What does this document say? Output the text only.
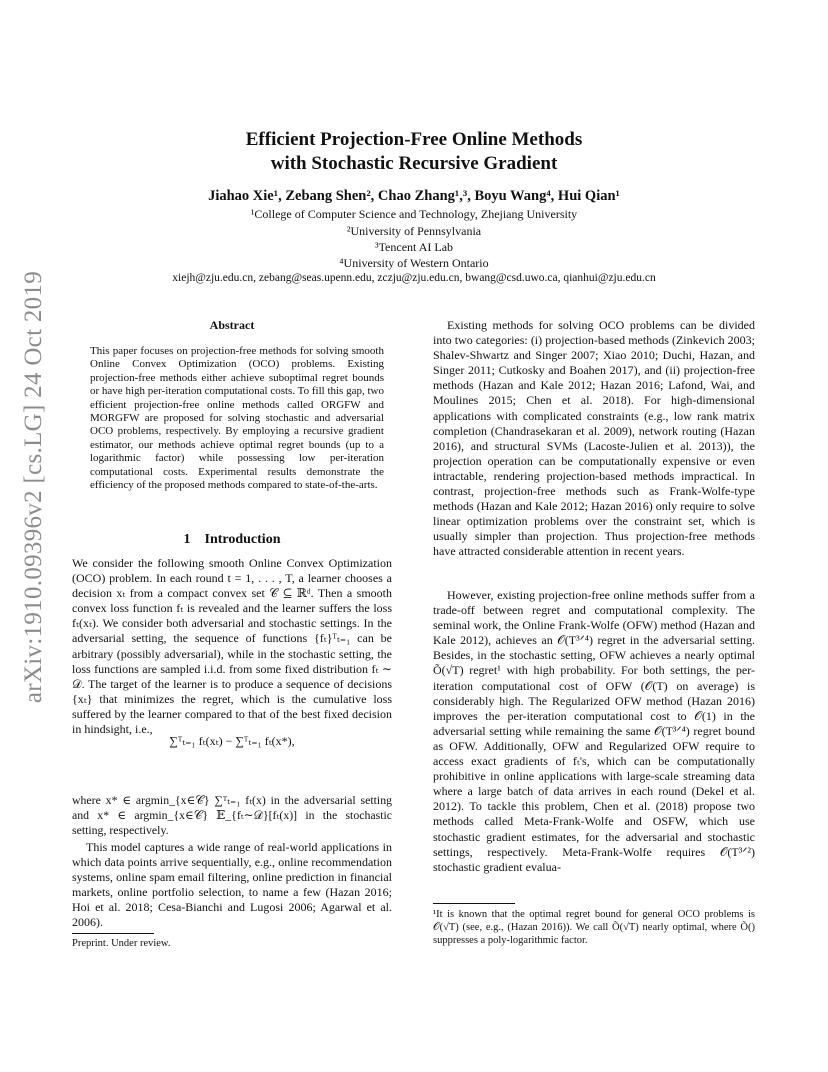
arXiv:1910.09396v2 [cs.LG] 24 Oct 2019
Efficient Projection-Free Online Methods
with Stochastic Recursive Gradient
Jiahao Xie¹, Zebang Shen², Chao Zhang¹,³, Boyu Wang⁴, Hui Qian¹
¹College of Computer Science and Technology, Zhejiang University
²University of Pennsylvania
³Tencent AI Lab
⁴University of Western Ontario
xiejh@zju.edu.cn, zebang@seas.upenn.edu, zczju@zju.edu.cn, bwang@csd.uwo.ca, qianhui@zju.edu.cn
Abstract
This paper focuses on projection-free methods for solving smooth Online Convex Optimization (OCO) problems. Existing projection-free methods either achieve suboptimal regret bounds or have high per-iteration computational costs. To fill this gap, two efficient projection-free online methods called ORGFW and MORGFW are proposed for solving stochastic and adversarial OCO problems, respectively. By employing a recursive gradient estimator, our methods achieve optimal regret bounds (up to a logarithmic factor) while possessing low per-iteration computational costs. Experimental results demonstrate the efficiency of the proposed methods compared to state-of-the-arts.
1 Introduction
We consider the following smooth Online Convex Optimization (OCO) problem. In each round t = 1, . . . , T, a learner chooses a decision xₜ from a compact convex set 𝒞 ⊆ ℝᵈ. Then a smooth convex loss function fₜ is revealed and the learner suffers the loss fₜ(xₜ). We consider both adversarial and stochastic settings. In the adversarial setting, the sequence of functions {fₜ}ᵀₜ₌₁ can be arbitrary (possibly adversarial), while in the stochastic setting, the loss functions are sampled i.i.d. from some fixed distribution fₜ ∼ 𝒟. The target of the learner is to produce a sequence of decisions {xₜ} that minimizes the regret, which is the cumulative loss suffered by the learner compared to that of the best fixed decision in hindsight, i.e.,
∑ᵀₜ₌₁ fₜ(xₜ) − ∑ᵀₜ₌₁ fₜ(x*),
where x* ∈ argmin_{x∈𝒞} ∑ᵀₜ₌₁ fₜ(x) in the adversarial setting and x* ∈ argmin_{x∈𝒞} 𝔼_{fₜ∼𝒟}[fₜ(x)] in the stochastic setting, respectively.
This model captures a wide range of real-world applications in which data points arrive sequentially, e.g., online recommendation systems, online spam email filtering, online prediction in financial markets, online portfolio selection, to name a few (Hazan 2016; Hoi et al. 2018; Cesa-Bianchi and Lugosi 2006; Agarwal et al. 2006).
Preprint. Under review.
Existing methods for solving OCO problems can be divided into two categories: (i) projection-based methods (Zinkevich 2003; Shalev-Shwartz and Singer 2007; Xiao 2010; Duchi, Hazan, and Singer 2011; Cutkosky and Boahen 2017), and (ii) projection-free methods (Hazan and Kale 2012; Hazan 2016; Lafond, Wai, and Moulines 2015; Chen et al. 2018). For high-dimensional applications with complicated constraints (e.g., low rank matrix completion (Chandrasekaran et al. 2009), network routing (Hazan 2016), and structural SVMs (Lacoste-Julien et al. 2013)), the projection operation can be computationally expensive or even intractable, rendering projection-based methods impractical. In contrast, projection-free methods such as Frank-Wolfe-type methods (Hazan and Kale 2012; Hazan 2016) only require to solve linear optimization problems over the constraint set, which is usually simpler than projection. Thus projection-free methods have attracted considerable attention in recent years.
However, existing projection-free online methods suffer from a trade-off between regret and computational complexity. The seminal work, the Online Frank-Wolfe (OFW) method (Hazan and Kale 2012), achieves an 𝒪(T³ᐟ⁴) regret in the adversarial setting. Besides, in the stochastic setting, OFW achieves a nearly optimal Õ(√T) regret¹ with high probability. For both settings, the per-iteration computational cost of OFW (𝒪(T) on average) is considerably high. The Regularized OFW method (Hazan 2016) improves the per-iteration computational cost to 𝒪(1) in the adversarial setting while remaining the same 𝒪(T³ᐟ⁴) regret bound as OFW. Additionally, OFW and Regularized OFW require to access exact gradients of fₜ's, which can be computationally prohibitive in online applications with large-scale streaming data where a large batch of data arrives in each round (Dekel et al. 2012). To tackle this problem, Chen et al. (2018) propose two methods called Meta-Frank-Wolfe and OSFW, which use stochastic gradient estimates, for the adversarial and stochastic settings, respectively. Meta-Frank-Wolfe requires 𝒪(T³ᐟ²) stochastic gradient evalua-
¹It is known that the optimal regret bound for general OCO problems is 𝒪(√T) (see, e.g., (Hazan 2016)). We call Õ(√T) nearly optimal, where Õ() suppresses a poly-logarithmic factor.
